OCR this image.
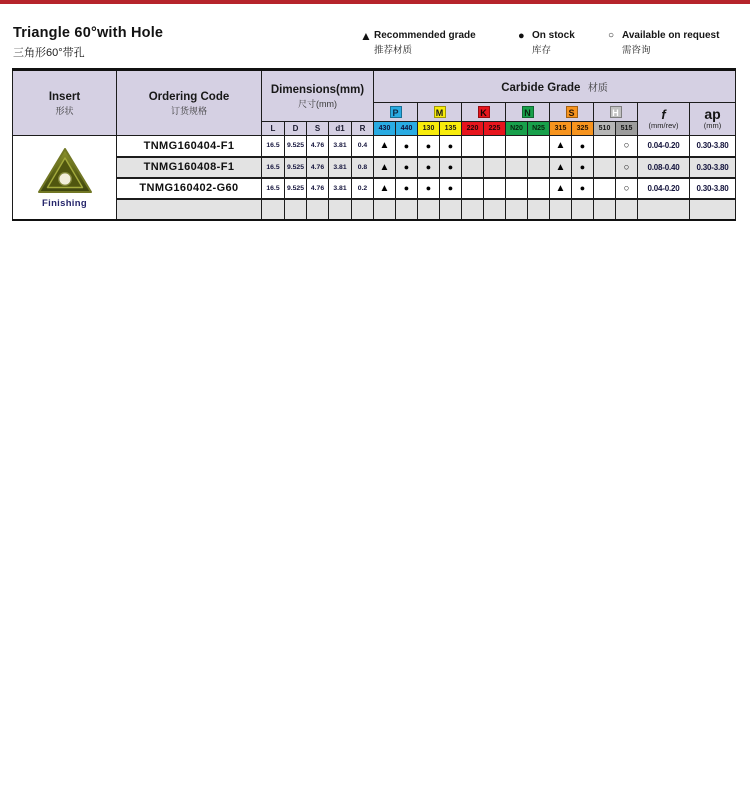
Triangle 60°with Hole
三角形60°带孔
▲ Recommended grade
推荐材质
● On stock
库存
○ Available on request
需咨询
Insert
形状

Ordering Code
订货规格

Dimensions(mm)
尺寸(mm)
	Carbide Grade 材质
P	M	K	N	S	H	f
(mm/rev)

ap
(mm)

		L	D	S	d1	R	430	440	130	135	220	225	N20	N25	315	325	510	515		

Finishing	TNMG160404-F1	16.5	9.525	4.76	3.81	0.4	▲	●	●	●					▲	●		○	0.04-0.20	0.30-3.80
	TNMG160408-F1	16.5	9.525	4.76	3.81	0.8	▲	●	●	●					▲	●		○	0.08-0.40	0.30-3.80
	TNMG160402-G60	16.5	9.525	4.76	3.81	0.2	▲	●	●	●					▲	●		○	0.04-0.20	0.30-3.80
